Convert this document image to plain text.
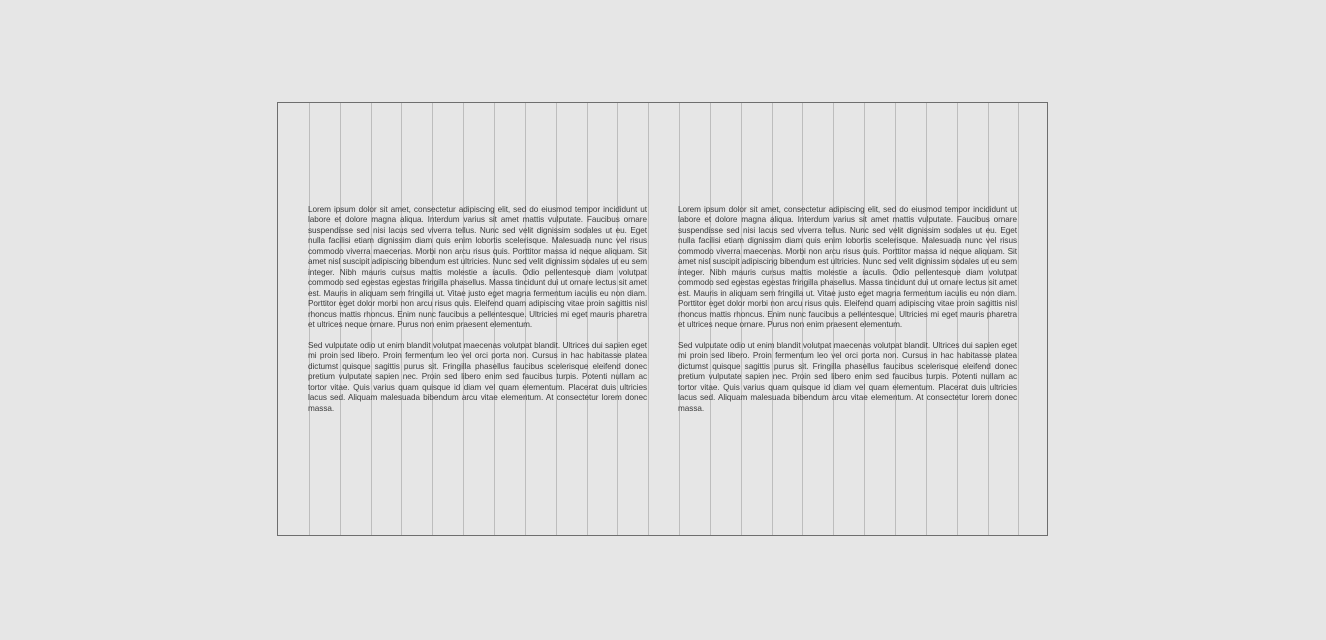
Lorem ipsum dolor sit amet, consectetur adipiscing elit, sed do eiusmod tempor incididunt ut labore et dolore magna aliqua. Interdum varius sit amet mattis vulputate. Faucibus ornare suspendisse sed nisi lacus sed viverra tellus. Nunc sed velit dignissim sodales ut eu. Eget nulla facilisi etiam dignissim diam quis enim lobortis scelerisque. Malesuada nunc vel risus commodo viverra maecenas. Morbi non arcu risus quis. Porttitor massa id neque aliquam. Sit amet nisl suscipit adipiscing bibendum est ultricies. Nunc sed velit dignissim sodales ut eu sem integer. Nibh mauris cursus mattis molestie a iaculis. Odio pellentesque diam volutpat commodo sed egestas egestas fringilla phasellus. Massa tincidunt dui ut ornare lectus sit amet est. Mauris in aliquam sem fringilla ut. Vitae justo eget magna fermentum iaculis eu non diam. Porttitor eget dolor morbi non arcu risus quis. Eleifend quam adipiscing vitae proin sagittis nisl rhoncus mattis rhoncus. Enim nunc faucibus a pellentesque. Ultricies mi eget mauris pharetra et ultrices neque ornare. Purus non enim praesent elementum.

Sed vulputate odio ut enim blandit volutpat maecenas volutpat blandit. Ultrices dui sapien eget mi proin sed libero. Proin fermentum leo vel orci porta non. Cursus in hac habitasse platea dictumst quisque sagittis purus sit. Fringilla phasellus faucibus scelerisque eleifend donec pretium vulputate sapien nec. Proin sed libero enim sed faucibus turpis. Potenti nullam ac tortor vitae. Quis varius quam quisque id diam vel quam elementum. Placerat duis ultricies lacus sed. Aliquam malesuada bibendum arcu vitae elementum. At consectetur lorem donec massa.

Lorem ipsum dolor sit amet, consectetur adipiscing elit, sed do eiusmod tempor incididunt ut labore et dolore magna aliqua. Interdum varius sit amet mattis vulputate. Faucibus ornare suspendisse sed nisi lacus sed viverra tellus. Nunc sed velit dignissim sodales ut eu. Eget nulla facilisi etiam dignissim diam quis enim lobortis scelerisque. Malesuada nunc vel risus commodo viverra maecenas. Morbi non arcu risus quis. Porttitor massa id neque aliquam. Sit amet nisl suscipit adipiscing bibendum est ultricies. Nunc sed velit dignissim sodales ut eu sem integer. Nibh mauris cursus mattis molestie a iaculis. Odio pellentesque diam volutpat commodo sed egestas egestas fringilla phasellus. Massa tincidunt dui ut ornare lectus sit amet est. Mauris in aliquam sem fringilla ut. Vitae justo eget magna fermentum iaculis eu non diam. Porttitor eget dolor morbi non arcu risus quis. Eleifend quam adipiscing vitae proin sagittis nisl rhoncus mattis rhoncus. Enim nunc faucibus a pellentesque. Ultricies mi eget mauris pharetra et ultrices neque ornare. Purus non enim praesent elementum.

Sed vulputate odio ut enim blandit volutpat maecenas volutpat blandit. Ultrices dui sapien eget mi proin sed libero. Proin fermentum leo vel orci porta non. Cursus in hac habitasse platea dictumst quisque sagittis purus sit. Fringilla phasellus faucibus scelerisque eleifend donec pretium vulputate sapien nec. Proin sed libero enim sed faucibus turpis. Potenti nullam ac tortor vitae. Quis varius quam quisque id diam vel quam elementum. Placerat duis ultricies lacus sed. Aliquam malesuada bibendum arcu vitae elementum. At consectetur lorem donec massa.
